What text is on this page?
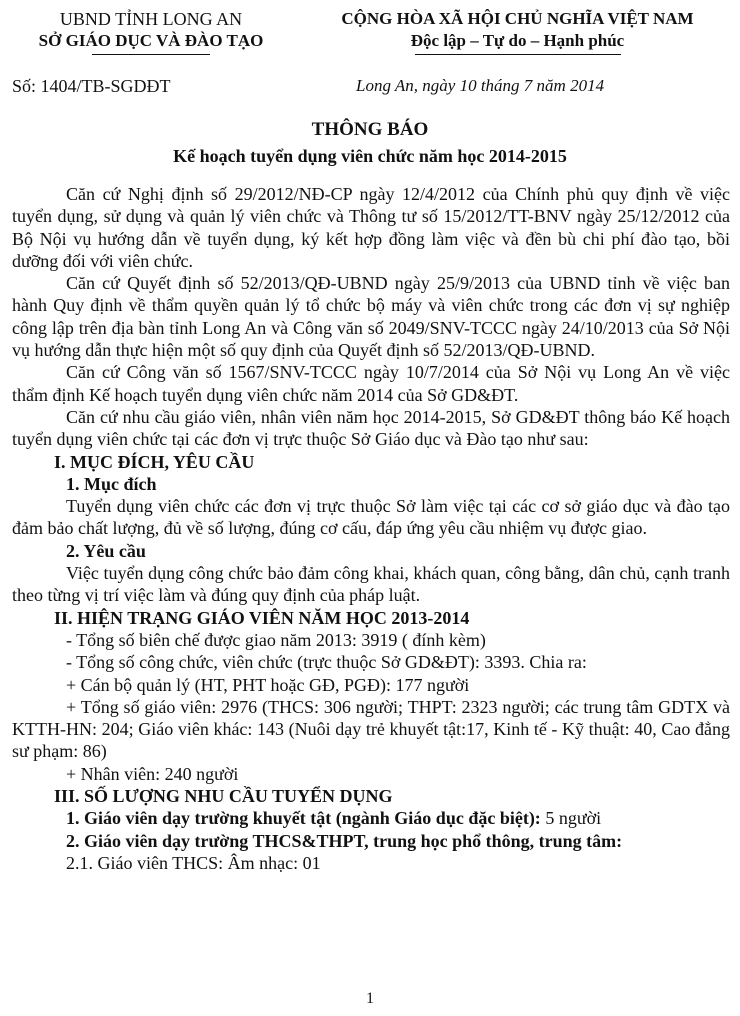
UBND TỈNH LONG AN
SỞ GIÁO DỤC VÀ ĐÀO TẠO
CỘNG HÒA XÃ HỘI CHỦ NGHĨA VIỆT NAM
Độc lập – Tự do – Hạnh phúc
Số: 1404/TB-SGDĐT	Long An, ngày 10 tháng 7 năm 2014
THÔNG BÁO
Kế hoạch tuyển dụng viên chức năm học 2014-2015

Căn cứ Nghị định số 29/2012/NĐ-CP ngày 12/4/2012 của Chính phủ quy định về việc tuyển dụng, sử dụng và quản lý viên chức và Thông tư số 15/2012/TT-BNV ngày 25/12/2012 của Bộ Nội vụ hướng dẫn về tuyển dụng, ký kết hợp đồng làm việc và đền bù chi phí đào tạo, bồi dưỡng đối với viên chức.

Căn cứ Quyết định số 52/2013/QĐ-UBND ngày 25/9/2013 của UBND tỉnh về việc ban hành Quy định về thẩm quyền quản lý tổ chức bộ máy và viên chức trong các đơn vị sự nghiệp công lập trên địa bàn tỉnh Long An và Công văn số 2049/SNV-TCCC ngày 24/10/2013 của Sở Nội vụ hướng dẫn thực hiện một số quy định của Quyết định số 52/2013/QĐ-UBND.

Căn cứ Công văn số 1567/SNV-TCCC ngày 10/7/2014 của Sở Nội vụ Long An về việc thẩm định Kế hoạch tuyển dụng viên chức năm 2014 của Sở GD&ĐT.

Căn cứ nhu cầu giáo viên, nhân viên năm học 2014-2015, Sở GD&ĐT thông báo Kế hoạch tuyển dụng viên chức tại các đơn vị trực thuộc Sở Giáo dục và Đào tạo như sau:

I. MỤC ĐÍCH, YÊU CẦU

1. Mục đích

Tuyển dụng viên chức các đơn vị trực thuộc Sở làm việc tại các cơ sở giáo dục và đào tạo đảm bảo chất lượng, đủ về số lượng, đúng cơ cấu, đáp ứng yêu cầu nhiệm vụ được giao.

2. Yêu cầu

Việc tuyển dụng công chức bảo đảm công khai, khách quan, công bằng, dân chủ, cạnh tranh theo từng vị trí việc làm và đúng quy định của pháp luật.

II. HIỆN TRẠNG GIÁO VIÊN NĂM HỌC 2013-2014

- Tổng số biên chế được giao năm 2013: 3919 ( đính kèm)

- Tổng số công chức, viên chức (trực thuộc Sở GD&ĐT): 3393. Chia ra:

+ Cán bộ quản lý (HT, PHT hoặc GĐ, PGĐ): 177 người

+ Tổng số giáo viên: 2976 (THCS: 306 người; THPT: 2323 người; các trung tâm GDTX và KTTH-HN: 204; Giáo viên khác: 143 (Nuôi dạy trẻ khuyết tật:17, Kinh tế - Kỹ thuật: 40, Cao đẳng sư phạm: 86)

+ Nhân viên: 240 người

III. SỐ LƯỢNG NHU CẦU TUYỂN DỤNG

1. Giáo viên dạy trường khuyết tật (ngành Giáo dục đặc biệt): 5 người

2. Giáo viên dạy trường THCS&THPT, trung học phổ thông, trung tâm:

2.1. Giáo viên THCS: Âm nhạc: 01

1
